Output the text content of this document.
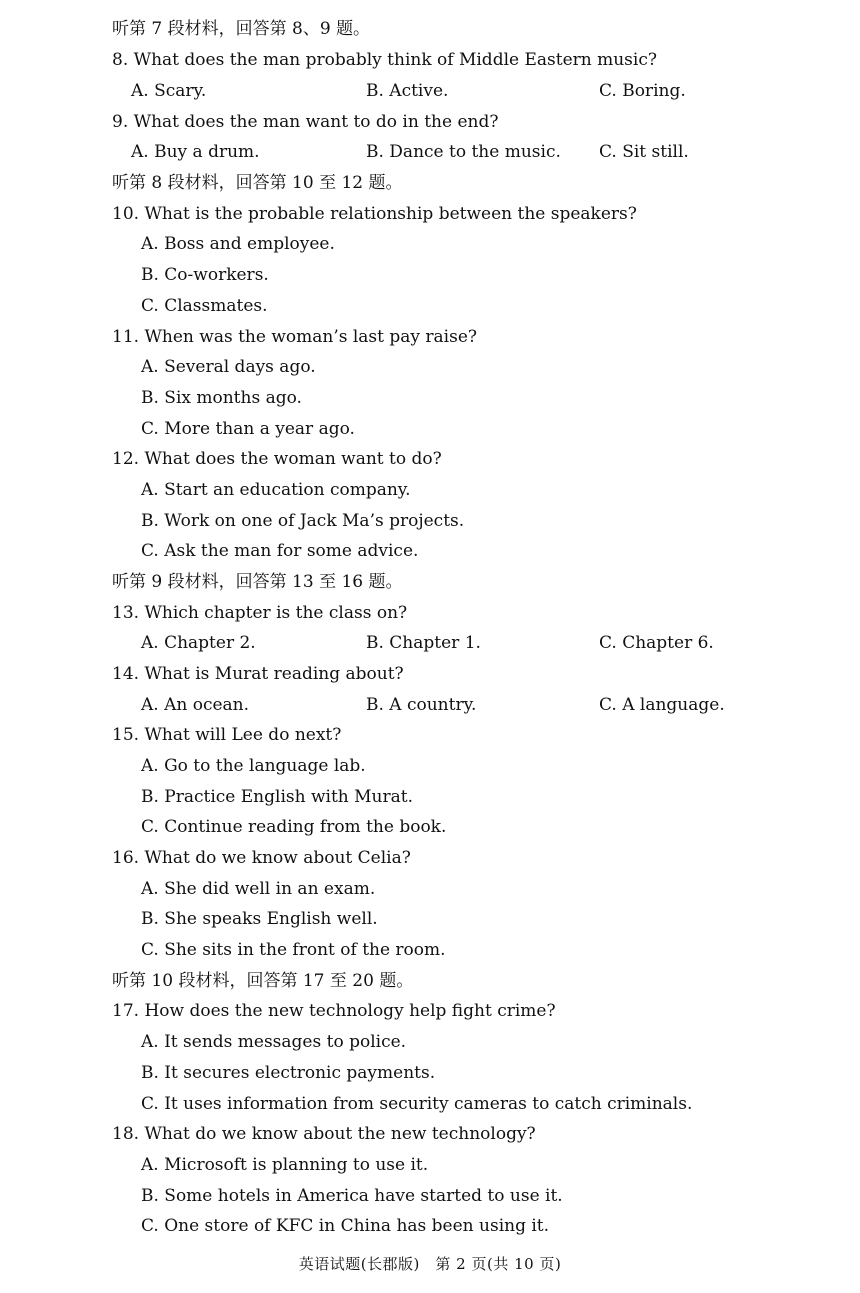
听第 7 段材料，回答第 8、9 题。
8. What does the man probably think of Middle Eastern music?
A. Scary.	B. Active.	C. Boring.
9. What does the man want to do in the end?
A. Buy a drum.	B. Dance to the music. C. Sit still.
听第 8 段材料，回答第 10 至 12 题。
10. What is the probable relationship between the speakers?
A. Boss and employee.
B. Co-workers.
C. Classmates.
11. When was the woman’s last pay raise?
A. Several days ago.
B. Six months ago.
C. More than a year ago.
12. What does the woman want to do?
A. Start an education company.
B. Work on one of Jack Ma’s projects.
C. Ask the man for some advice.
听第 9 段材料，回答第 13 至 16 题。
13. Which chapter is the class on?
A. Chapter 2.	B. Chapter 1.	C. Chapter 6.
14. What is Murat reading about?
A. An ocean.	B. A country.	C. A language.
15. What will Lee do next?
A. Go to the language lab.
B. Practice English with Murat.
C. Continue reading from the book.
16. What do we know about Celia?
A. She did well in an exam.
B. She speaks English well.
C. She sits in the front of the room.
听第 10 段材料，回答第 17 至 20 题。
17. How does the new technology help fight crime?
A. It sends messages to police.
B. It secures electronic payments.
C. It uses information from security cameras to catch criminals.
18. What do we know about the new technology?
A. Microsoft is planning to use it.
B. Some hotels in America have started to use it.
C. One store of KFC in China has been using it.
英语试题(长郡版)　第 2 页(共 10 页)
